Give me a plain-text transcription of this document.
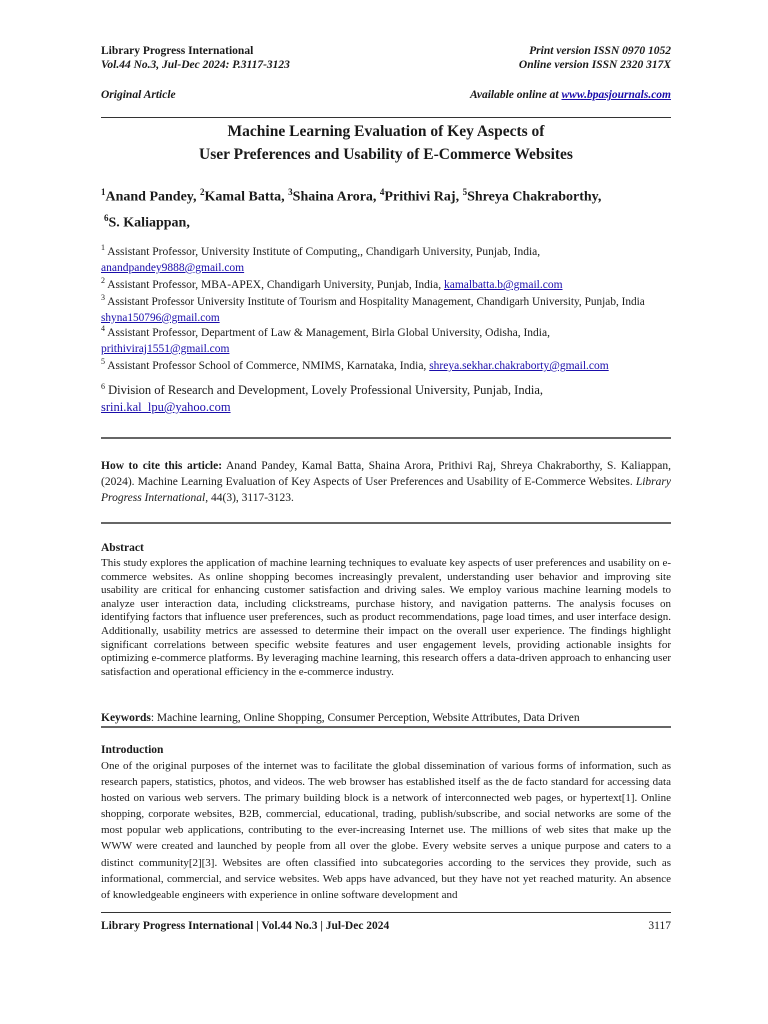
Library Progress International	Print version ISSN 0970 1052
Vol.44 No.3, Jul-Dec 2024: P.3117-3123	Online version ISSN 2320 317X
Original Article	Available online at www.bpasjournals.com
Machine Learning Evaluation of Key Aspects of
User Preferences and Usability of E-Commerce Websites
$^1$Anand Pandey, $^2$Kamal Batta, $^3$Shaina Arora, $^4$Prithivi Raj, $^5$Shreya Chakraborthy,
$^6$S. Kaliappan,
$^1$ Assistant Professor, University Institute of Computing,, Chandigarh University, Punjab, India,
anandpandey9888@gmail.com
$^2$ Assistant Professor, MBA-APEX, Chandigarh University, Punjab, India, kamalbatta.b@gmail.com
$^3$ Assistant Professor University Institute of Tourism and Hospitality Management, Chandigarh University, Punjab, India
shyna150796@gmail.com
$^4$ Assistant Professor, Department of Law & Management, Birla Global University, Odisha, India,
prithiviraj1551@gmail.com
$^5$ Assistant Professor School of Commerce, NMIMS, Karnataka, India, shreya.sekhar.chakraborty@gmail.com
$^6$ Division of Research and Development, Lovely Professional University, Punjab, India,
srini.kal_lpu@yahoo.com
How to cite this article: Anand Pandey, Kamal Batta, Shaina Arora, Prithivi Raj, Shreya Chakraborthy, S. Kaliappan, (2024). Machine Learning Evaluation of Key Aspects of User Preferences and Usability of E-Commerce Websites. Library Progress International, 44(3), 3117-3123.
Abstract
This study explores the application of machine learning techniques to evaluate key aspects of user preferences and usability on e-commerce websites. As online shopping becomes increasingly prevalent, understanding user behavior and improving site usability are critical for enhancing customer satisfaction and driving sales. We employ various machine learning models to analyze user interaction data, including clickstreams, purchase history, and navigation patterns. The analysis focuses on identifying factors that influence user preferences, such as product recommendations, page load times, and user interface design. Additionally, usability metrics are assessed to determine their impact on the overall user experience. The findings highlight significant correlations between specific website features and user engagement levels, providing actionable insights for optimizing e-commerce platforms. By leveraging machine learning, this research offers a data-driven approach to enhancing user satisfaction and operational efficiency in the e-commerce industry.
Keywords: Machine learning, Online Shopping, Consumer Perception, Website Attributes, Data Driven
Introduction
One of the original purposes of the internet was to facilitate the global dissemination of various forms of information, such as research papers, statistics, photos, and videos. The web browser has established itself as the de facto standard for accessing data hosted on various web servers. The primary building block is a network of interconnected web pages, or hypertext[1]. Online shopping, corporate websites, B2B, commercial, educational, trading, publish/subscribe, and social networks are some of the most popular web applications, contributing to the ever-increasing Internet use. The millions of web sites that make up the WWW were created and launched by people from all over the globe. Every website serves a unique purpose and caters to a distinct community[2][3]. Websites are often classified into subcategories according to the services they provide, such as informational, commercial, and service websites. Web apps have advanced, but they have not yet reached maturity. An absence of knowledgeable engineers with experience in online software development and
Library Progress International | Vol.44 No.3 | Jul-Dec 2024	3117
